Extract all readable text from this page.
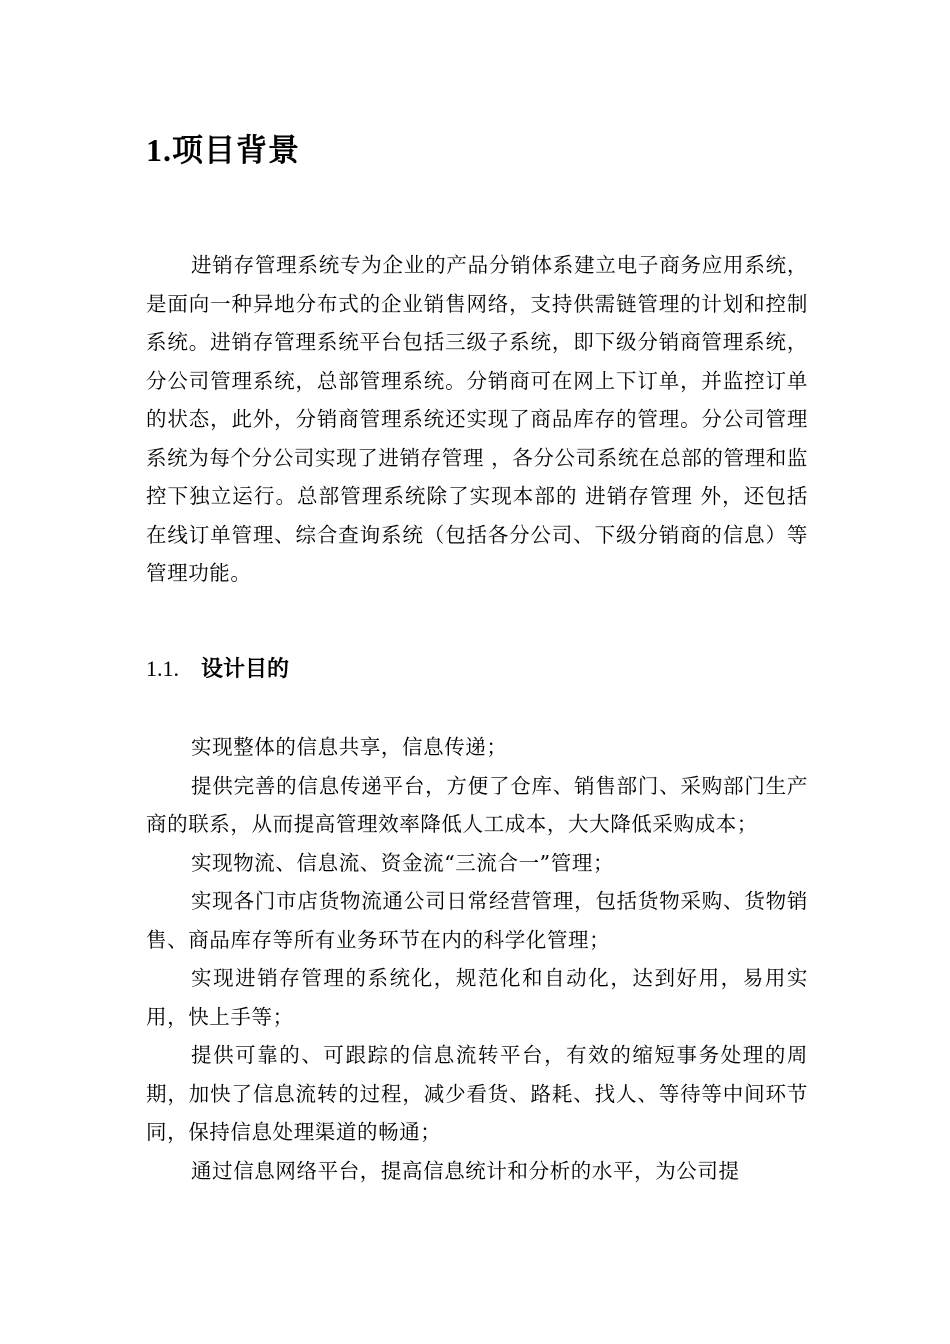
1.项目背景

进销存管理系统专为企业的产品分销体系建立电子商务应用系统，是面向一种异地分布式的企业销售网络，支持供需链管理的计划和控制系统。进销存管理系统平台包括三级子系统，即下级分销商管理系统，分公司管理系统，总部管理系统。分销商可在网上下订单，并监控订单的状态，此外，分销商管理系统还实现了商品库存的管理。分公司管理系统为每个分公司实现了进销存管理 ，各分公司系统在总部的管理和监控下独立运行。总部管理系统除了实现本部的 进销存管理 外，还包括在线订单管理、综合查询系统（包括各分公司、下级分销商的信息）等管理功能。

1.1. 设计目的
实现整体的信息共享，信息传递；
提供完善的信息传递平台，方便了仓库、销售部门、采购部门生产商的联系，从而提高管理效率降低人工成本，大大降低采购成本；
实现物流、信息流、资金流“三流合一”管理；
实现各门市店货物流通公司日常经营管理，包括货物采购、货物销售、商品库存等所有业务环节在内的科学化管理；
实现进销存管理的系统化，规范化和自动化，达到好用，易用实用，快上手等；
提供可靠的、可跟踪的信息流转平台，有效的缩短事务处理的周期，加快了信息流转的过程，减少看货、路耗、找人、等待等中间环节同，保持信息处理渠道的畅通；
通过信息网络平台，提高信息统计和分析的水平，为公司提
